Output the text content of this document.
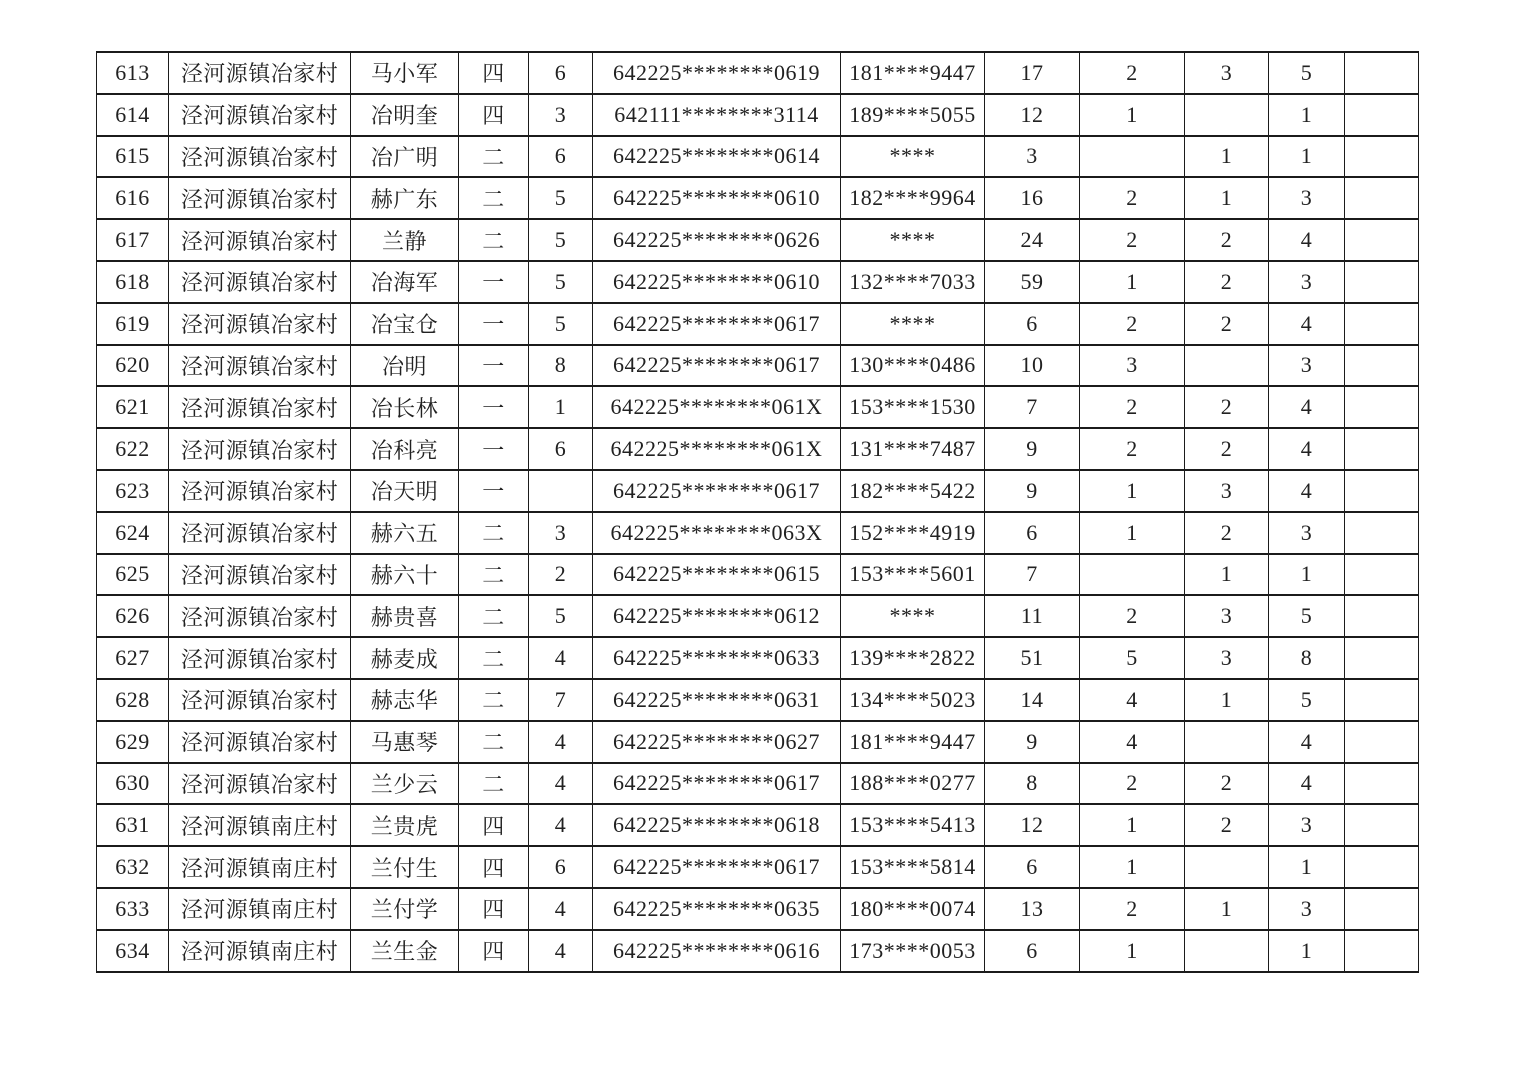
613	泾河源镇冶家村	马小军	四	6	642225********0619	181****9447	17	2	3	5	
614	泾河源镇冶家村	冶明奎	四	3	642111********3114	189****5055	12	1		1	
615	泾河源镇冶家村	冶广明	二	6	642225********0614	****	3		1	1	
616	泾河源镇冶家村	赫广东	二	5	642225********0610	182****9964	16	2	1	3	
617	泾河源镇冶家村	兰静	二	5	642225********0626	****	24	2	2	4	
618	泾河源镇冶家村	冶海军	一	5	642225********0610	132****7033	59	1	2	3	
619	泾河源镇冶家村	冶宝仓	一	5	642225********0617	****	6	2	2	4	
620	泾河源镇冶家村	冶明	一	8	642225********0617	130****0486	10	3		3	
621	泾河源镇冶家村	冶长林	一	1	642225********061X	153****1530	7	2	2	4	
622	泾河源镇冶家村	冶科亮	一	6	642225********061X	131****7487	9	2	2	4	
623	泾河源镇冶家村	冶天明	一		642225********0617	182****5422	9	1	3	4	
624	泾河源镇冶家村	赫六五	二	3	642225********063X	152****4919	6	1	2	3	
625	泾河源镇冶家村	赫六十	二	2	642225********0615	153****5601	7		1	1	
626	泾河源镇冶家村	赫贵喜	二	5	642225********0612	****	11	2	3	5	
627	泾河源镇冶家村	赫麦成	二	4	642225********0633	139****2822	51	5	3	8	
628	泾河源镇冶家村	赫志华	二	7	642225********0631	134****5023	14	4	1	5	
629	泾河源镇冶家村	马惠琴	二	4	642225********0627	181****9447	9	4		4	
630	泾河源镇冶家村	兰少云	二	4	642225********0617	188****0277	8	2	2	4	
631	泾河源镇南庄村	兰贵虎	四	4	642225********0618	153****5413	12	1	2	3	
632	泾河源镇南庄村	兰付生	四	6	642225********0617	153****5814	6	1		1	
633	泾河源镇南庄村	兰付学	四	4	642225********0635	180****0074	13	2	1	3	
634	泾河源镇南庄村	兰生金	四	4	642225********0616	173****0053	6	1		1	
